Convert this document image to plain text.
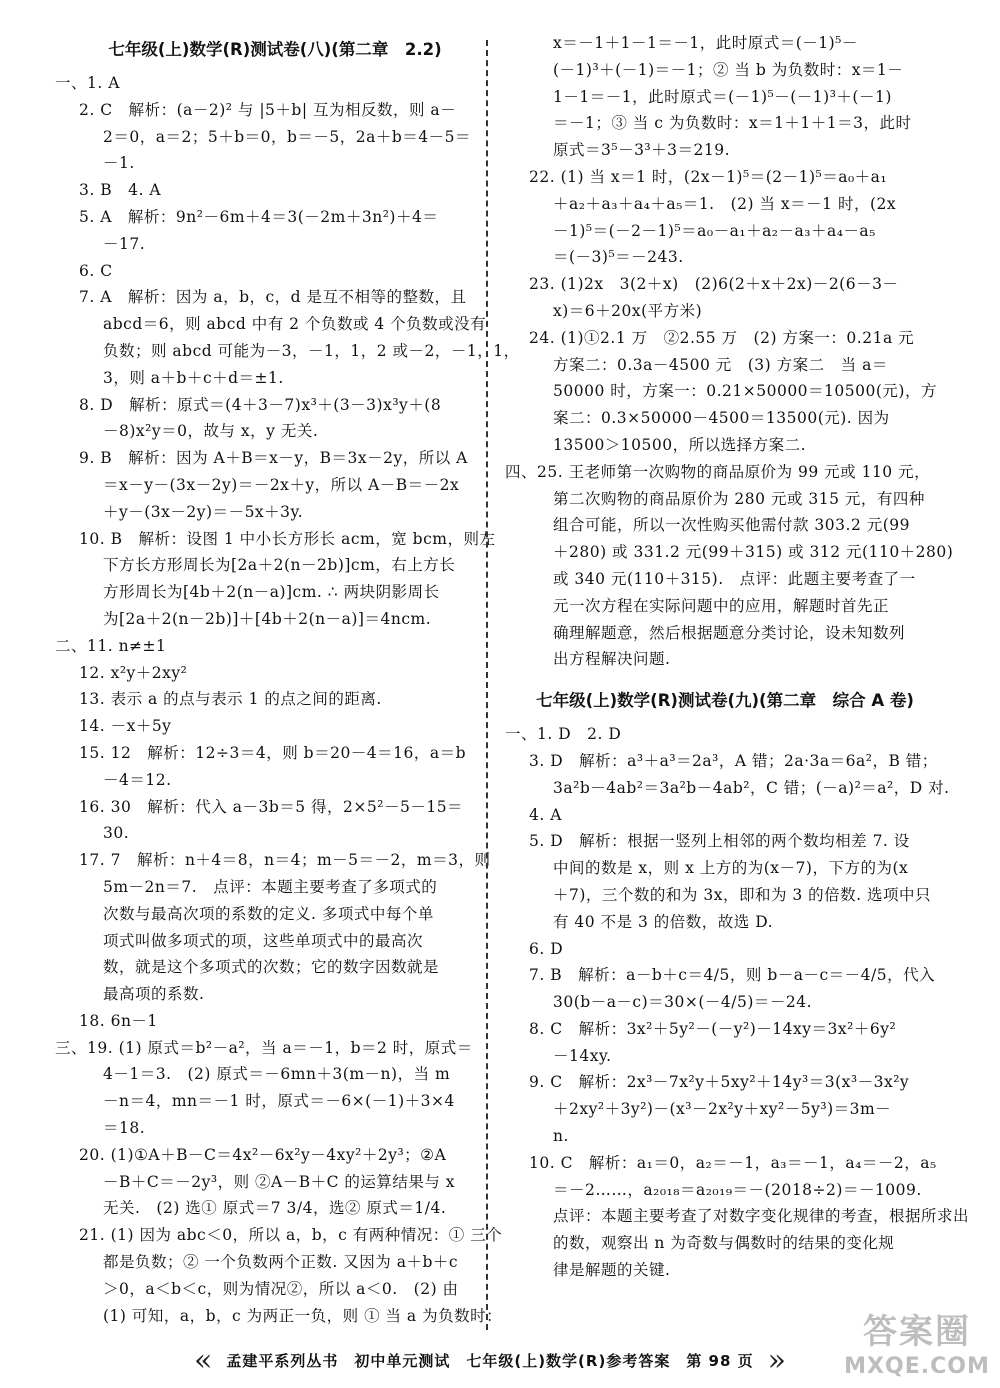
七年级(上)数学(R)测试卷(八)(第二章　2.2)
一、1. A
2. C　解析：(a－2)² 与 |5＋b| 互为相反数，则 a－
2＝0，a＝2；5＋b＝0，b＝－5，2a＋b＝4－5＝
－1.
3. B　4. A
5. A　解析：9n²－6m＋4＝3(－2m＋3n²)＋4＝
－17.
6. C
7. A　解析：因为 a，b，c，d 是互不相等的整数，且
abcd＝6，则 abcd 中有 2 个负数或 4 个负数或没有
负数；则 abcd 可能为－3，－1，1，2 或－2，－1，1，
3，则 a＋b＋c＋d＝±1.
8. D　解析：原式＝(4＋3－7)x³＋(3－3)x³y＋(8
－8)x²y＝0，故与 x，y 无关.
9. B　解析：因为 A＋B＝x－y，B＝3x－2y，所以 A
＝x－y－(3x－2y)＝－2x＋y，所以 A－B＝－2x
＋y－(3x－2y)＝－5x＋3y.
10. B　解析：设图 1 中小长方形长 acm，宽 bcm，则左
下方长方形周长为[2a＋2(n－2b)]cm，右上方长
方形周长为[4b＋2(n－a)]cm. ∴ 两块阴影周长
为[2a＋2(n－2b)]＋[4b＋2(n－a)]＝4ncm.
二、11. n≠±1
12. x²y＋2xy²
13. 表示 a 的点与表示 1 的点之间的距离.
14. －x＋5y
15. 12　解析：12÷3＝4，则 b＝20－4＝16，a＝b
－4＝12.
16. 30　解析：代入 a－3b＝5 得，2×5²－5－15＝
30.
17. 7　解析：n＋4＝8，n＝4；m－5＝－2，m＝3，则
5m－2n＝7.　点评：本题主要考查了多项式的
次数与最高次项的系数的定义. 多项式中每个单
项式叫做多项式的项，这些单项式中的最高次
数，就是这个多项式的次数；它的数字因数就是
最高项的系数.
18. 6n－1
三、19. (1) 原式＝b²－a²，当 a＝－1，b＝2 时，原式＝
4－1＝3.　(2) 原式＝－6mn＋3(m－n)，当 m
－n＝4，mn＝－1 时，原式＝－6×(－1)＋3×4
＝18.
20. (1)①A＋B－C＝4x²－6x²y－4xy²＋2y³；②A
－B＋C＝－2y³，则 ②A－B＋C 的运算结果与 x
无关.　(2) 选① 原式＝7 3/4，选② 原式＝1/4.
21. (1) 因为 abc＜0，所以 a，b，c 有两种情况：① 三个
都是负数；② 一个负数两个正数. 又因为 a＋b＋c
＞0，a＜b＜c，则为情况②，所以 a＜0.　(2) 由
(1) 可知，a，b，c 为两正一负，则 ① 当 a 为负数时：
x＝－1＋1－1＝－1，此时原式＝(－1)⁵－
(－1)³＋(－1)＝－1；② 当 b 为负数时：x＝1－
1－1＝－1，此时原式＝(－1)⁵－(－1)³＋(－1)
＝－1；③ 当 c 为负数时：x＝1＋1＋1＝3，此时
原式＝3⁵－3³＋3＝219.
22. (1) 当 x＝1 时，(2x－1)⁵＝(2－1)⁵＝a₀＋a₁
＋a₂＋a₃＋a₄＋a₅＝1.　(2) 当 x＝－1 时，(2x
－1)⁵＝(－2－1)⁵＝a₀－a₁＋a₂－a₃＋a₄－a₅
＝(－3)⁵＝－243.
23. (1)2x　3(2＋x)　(2)6(2＋x＋2x)－2(6－3－
x)＝6＋20x(平方米)
24. (1)①2.1 万　②2.55 万　(2) 方案一：0.21a 元
方案二：0.3a－4500 元　(3) 方案二　当 a＝
50000 时，方案一：0.21×50000＝10500(元)，方
案二：0.3×50000－4500＝13500(元). 因为
13500＞10500，所以选择方案二.
四、25. 王老师第一次购物的商品原价为 99 元或 110 元，
第二次购物的商品原价为 280 元或 315 元，有四种
组合可能，所以一次性购买他需付款 303.2 元(99
＋280) 或 331.2 元(99＋315) 或 312 元(110＋280)
或 340 元(110＋315).　点评：此题主要考查了一
元一次方程在实际问题中的应用，解题时首先正
确理解题意，然后根据题意分类讨论，设未知数列
出方程解决问题.
七年级(上)数学(R)测试卷(九)(第二章　综合 A 卷)
一、1. D　2. D
3. D　解析：a³＋a³＝2a³，A 错；2a·3a＝6a²，B 错；
3a²b－4ab²＝3a²b－4ab²，C 错；(－a)²＝a²，D 对.
4. A
5. D　解析：根据一竖列上相邻的两个数均相差 7. 设
中间的数是 x，则 x 上方的为(x－7)，下方的为(x
＋7)，三个数的和为 3x，即和为 3 的倍数. 选项中只
有 40 不是 3 的倍数，故选 D.
6. D
7. B　解析：a－b＋c＝4/5，则 b－a－c＝－4/5，代入
30(b－a－c)＝30×(－4/5)＝－24.
8. C　解析：3x²＋5y²－(－y²)－14xy＝3x²＋6y²
－14xy.
9. C　解析：2x³－7x²y＋5xy²＋14y³＝3(x³－3x²y
＋2xy²＋3y²)－(x³－2x²y＋xy²－5y³)＝3m－
n.
10. C　解析：a₁＝0，a₂＝－1，a₃＝－1，a₄＝－2，a₅
＝－2……，a₂₀₁₈＝a₂₀₁₉＝－(2018÷2)＝－1009.
点评：本题主要考查了对数字变化规律的考查，根据所求出
的数，观察出 n 为奇数与偶数时的结果的变化规
律是解题的关键.
« 孟建平系列丛书　初中单元测试　七年级(上)数学(R)参考答案　第 98 页 »
答案圈
MXQE.COM
